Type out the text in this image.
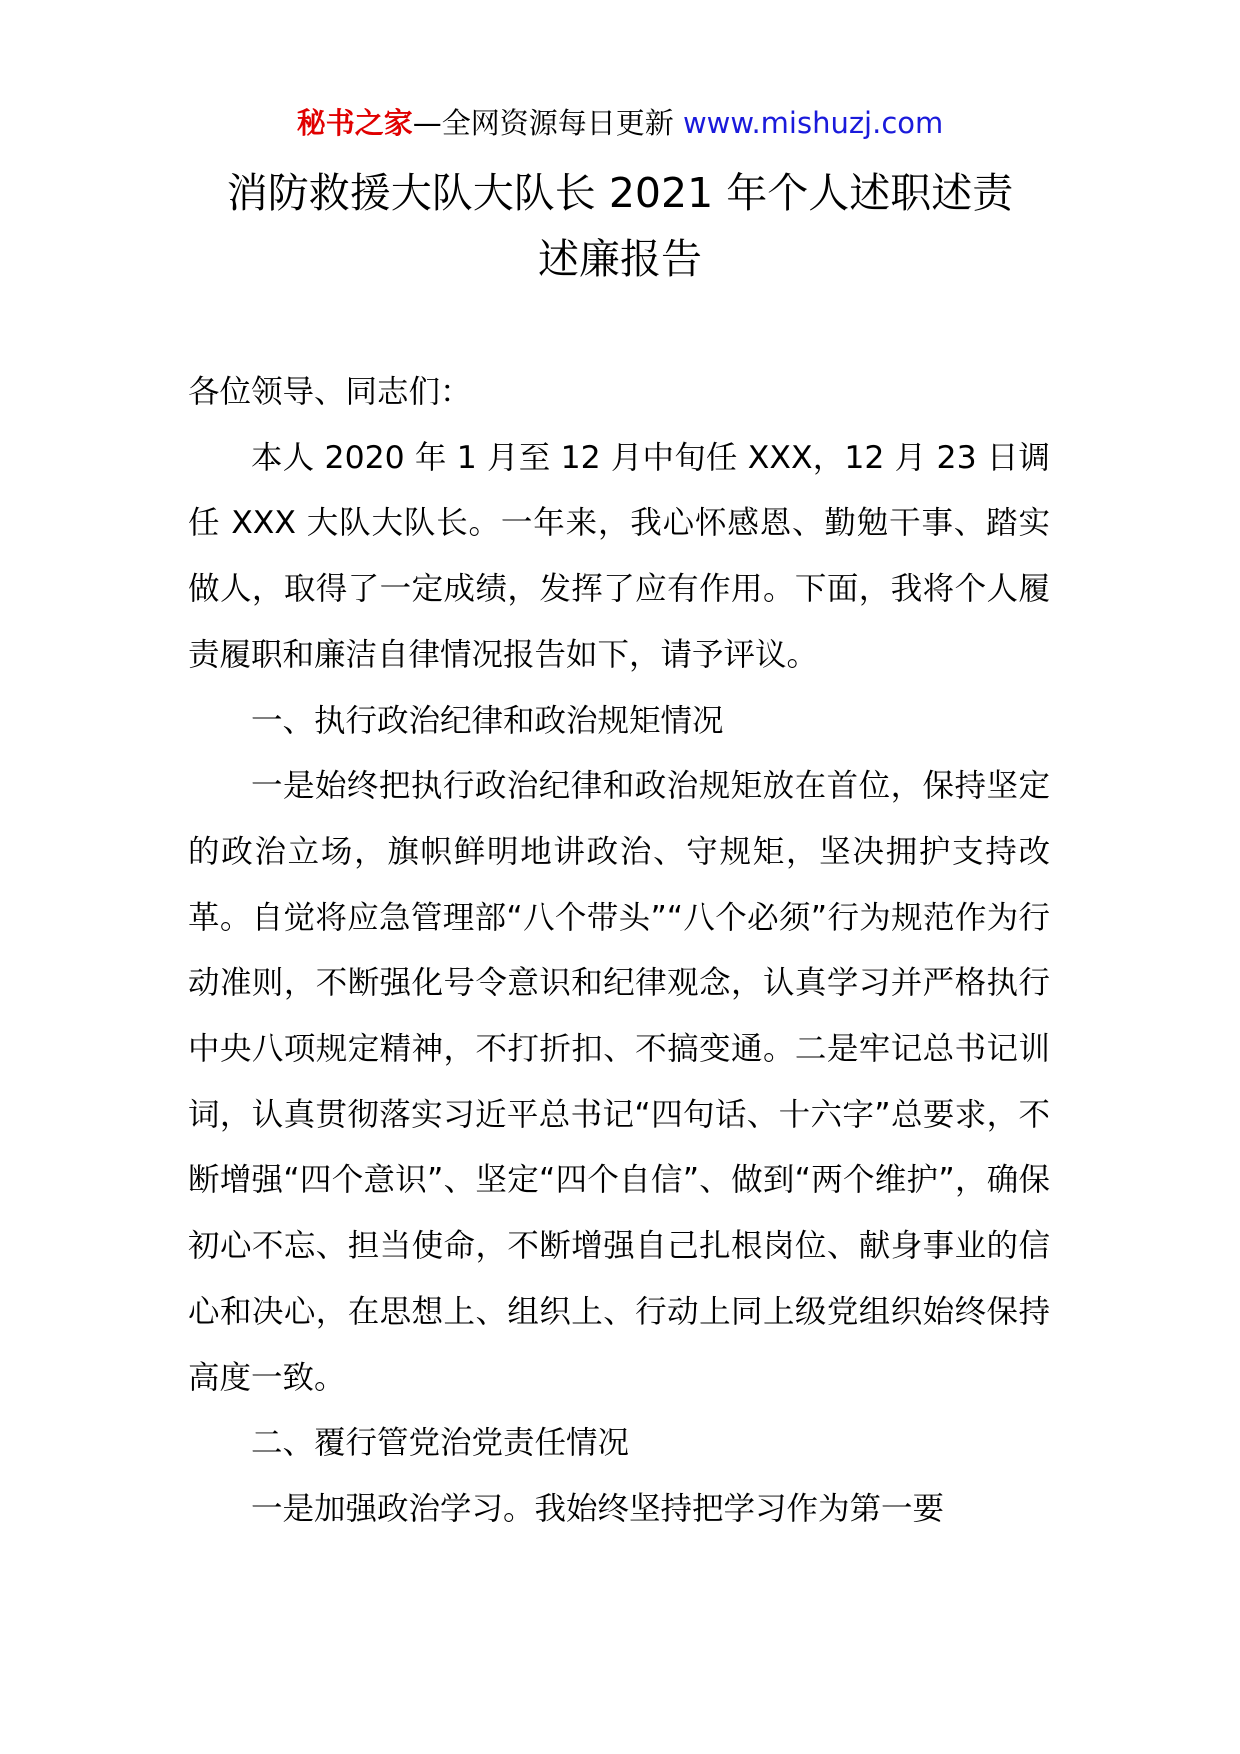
秘书之家—全网资源每日更新 www.mishuzj.com
消防救援大队大队长 2021 年个人述职述责
述廉报告

各位领导、同志们：

本人 2020 年 1 月至 12 月中旬任 XXX，12 月 23 日调任 XXX 大队大队长。一年来，我心怀感恩、勤勉干事、踏实做人，取得了一定成绩，发挥了应有作用。下面，我将个人履责履职和廉洁自律情况报告如下，请予评议。

一、执行政治纪律和政治规矩情况

一是始终把执行政治纪律和政治规矩放在首位，保持坚定的政治立场，旗帜鲜明地讲政治、守规矩，坚决拥护支持改革。自觉将应急管理部“八个带头”“八个必须”行为规范作为行动准则，不断强化号令意识和纪律观念，认真学习并严格执行中央八项规定精神，不打折扣、不搞变通。二是牢记总书记训词，认真贯彻落实习近平总书记“四句话、十六字”总要求，不断增强“四个意识”、坚定“四个自信”、做到“两个维护”，确保初心不忘、担当使命，不断增强自己扎根岗位、献身事业的信心和决心，在思想上、组织上、行动上同上级党组织始终保持高度一致。

二、覆行管党治党责任情况

一是加强政治学习。我始终坚持把学习作为第一要
